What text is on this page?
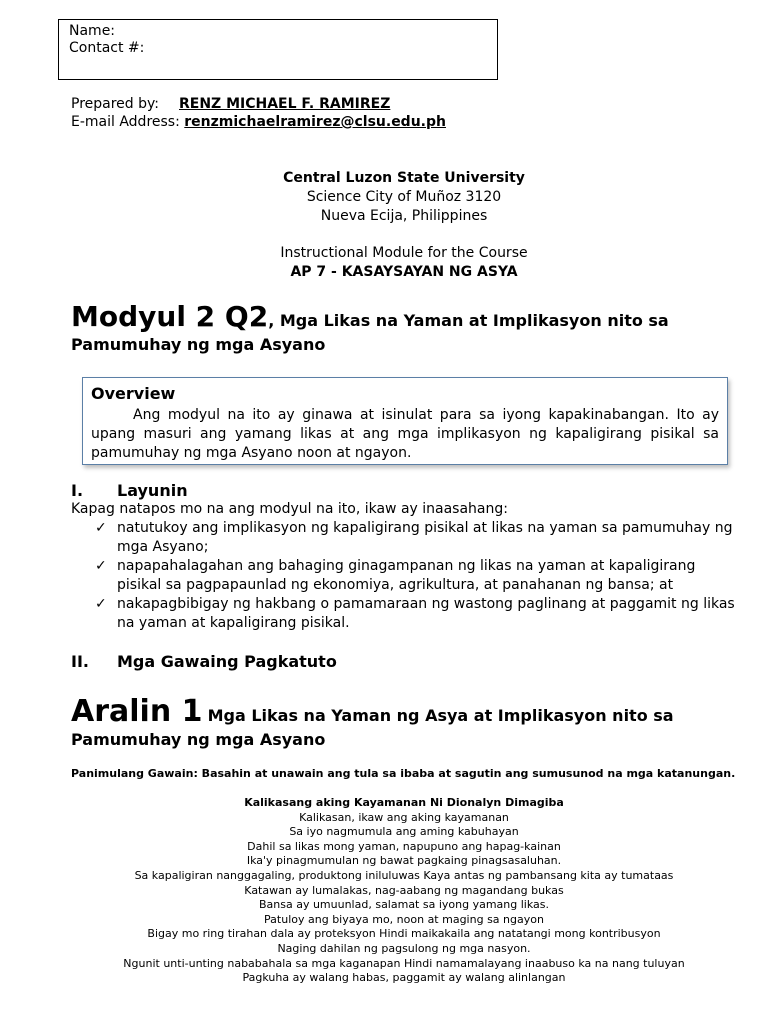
Name:
Contact #:
Prepared by: RENZ MICHAEL F. RAMIREZ
E-mail Address: renzmichaelramirez@clsu.edu.ph
Central Luzon State University
Science City of Muñoz 3120
Nueva Ecija, Philippines
Instructional Module for the Course
AP 7 - KASAYSAYAN NG ASYA
Modyul 2 Q2, Mga Likas na Yaman at Implikasyon nito sa
Pamumuhay ng mga Asyano
Overview

Ang modyul na ito ay ginawa at isinulat para sa iyong kapakinabangan. Ito ay upang masuri ang yamang likas at ang mga implikasyon ng kapaligirang pisikal sa pamumuhay ng mga Asyano noon at ngayon.

I. Layunin
Kapag natapos mo na ang modyul na ito, ikaw ay inaasahang:
✓ natutukoy ang implikasyon ng kapaligirang pisikal at likas na yaman sa pamumuhay ng mga Asyano;
✓ napapahalagahan ang bahaging ginagampanan ng likas na yaman at kapaligirang pisikal sa pagpapaunlad ng ekonomiya, agrikultura, at panahanan ng bansa; at
✓ nakapagbibigay ng hakbang o pamamaraan ng wastong paglinang at paggamit ng likas na yaman at kapaligirang pisikal.
II. Mga Gawaing Pagkatuto
Aralin 1 Mga Likas na Yaman ng Asya at Implikasyon nito sa
Pamumuhay ng mga Asyano
Panimulang Gawain: Basahin at unawain ang tula sa ibaba at sagutin ang sumusunod na mga katanungan.
Kalikasang aking Kayamanan Ni Dionalyn Dimagiba
Kalikasan, ikaw ang aking kayamanan
Sa iyo nagmumula ang aming kabuhayan
Dahil sa likas mong yaman, napupuno ang hapag-kainan
Ika'y pinagmumulan ng bawat pagkaing pinagsasaluhan.
Sa kapaligiran nanggagaling, produktong iniluluwas Kaya antas ng pambansang kita ay tumataas
Katawan ay lumalakas, nag-aabang ng magandang bukas
Bansa ay umuunlad, salamat sa iyong yamang likas.
Patuloy ang biyaya mo, noon at maging sa ngayon
Bigay mo ring tirahan dala ay proteksyon Hindi maikakaila ang natatangi mong kontribusyon
Naging dahilan ng pagsulong ng mga nasyon.
Ngunit unti-unting nababahala sa mga kaganapan Hindi namamalayang inaabuso ka na nang tuluyan
Pagkuha ay walang habas, paggamit ay walang alinlangan
